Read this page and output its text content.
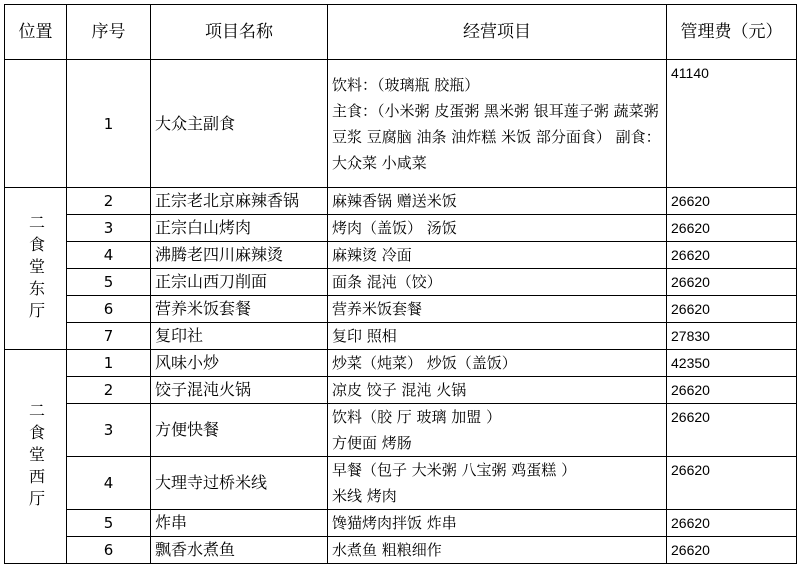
位置	序号	项目名称	经营项目	管理费（元）
	1	大众主副食	饮料：（玻璃瓶 胶瓶）
主食：（小米粥 皮蛋粥 黑米粥 银耳莲子粥 蔬菜粥 豆浆 豆腐脑 油条 油炸糕 米饭 部分面食） 副食：大众菜 小咸菜	41140
二食堂东厅	2	正宗老北京麻辣香锅	麻辣香锅 赠送米饭	26620
	3	正宗白山烤肉	烤肉（盖饭） 汤饭	26620
	4	沸腾老四川麻辣烫	麻辣烫 冷面	26620
	5	正宗山西刀削面	面条 混沌（饺）	26620
	6	营养米饭套餐	营养米饭套餐	26620
	7	复印社	复印 照相	27830
二食堂西厅	1	风味小炒	炒菜（炖菜） 炒饭（盖饭）	42350
	2	饺子混沌火锅	凉皮 饺子 混沌 火锅	26620
	3	方便快餐	饮料（胶 厅 玻璃 加盟 ）
方便面 烤肠	26620
	4	大理寺过桥米线	早餐（包子 大米粥 八宝粥 鸡蛋糕 ）
米线 烤肉	26620
	5	炸串	馋猫烤肉拌饭 炸串	26620
	6	飘香水煮鱼	水煮鱼 粗粮细作	26620
